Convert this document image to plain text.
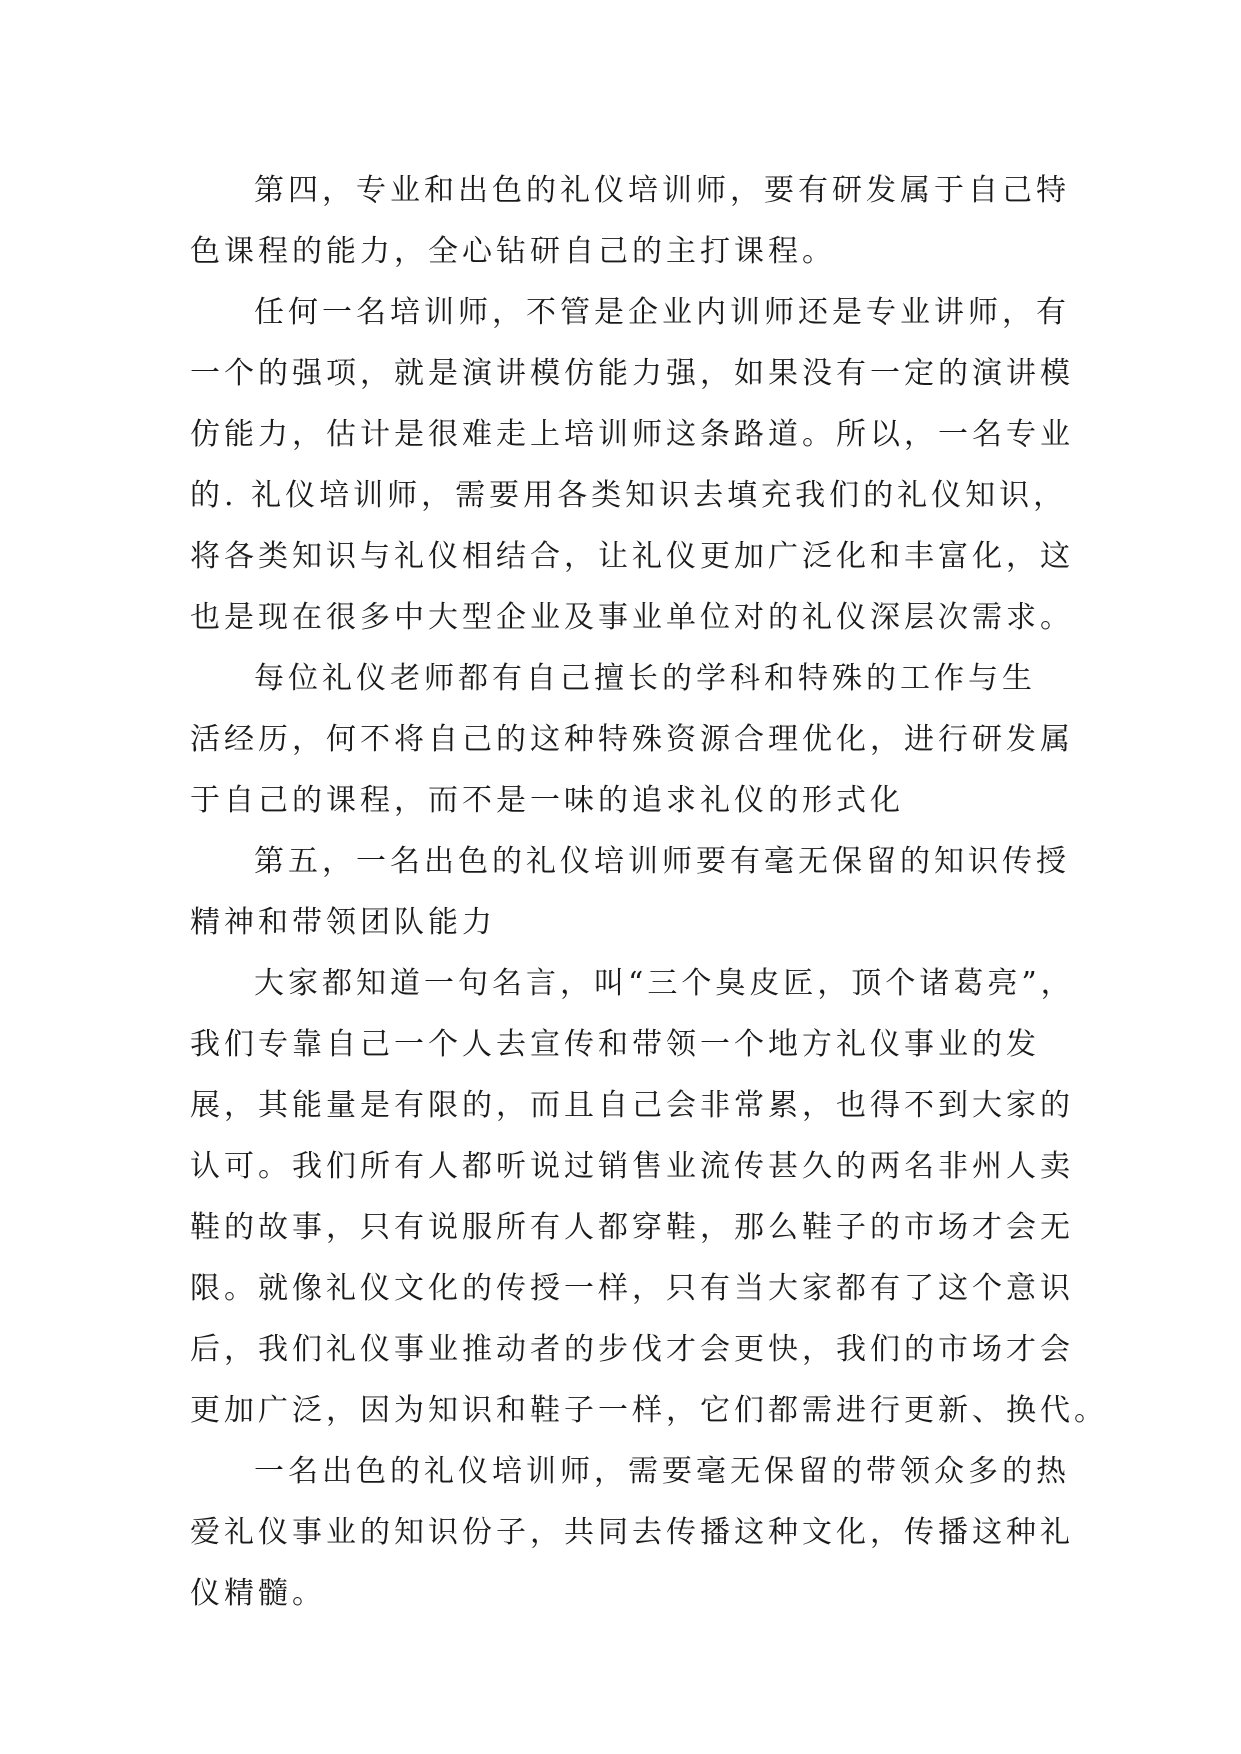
第四，专业和出色的礼仪培训师，要有研发属于自己特
色课程的能力，全心钻研自己的主打课程。

任何一名培训师，不管是企业内训师还是专业讲师，有
一个的强项，就是演讲模仿能力强，如果没有一定的演讲模
仿能力，估计是很难走上培训师这条路道。所以，一名专业
的. 礼仪培训师，需要用各类知识去填充我们的礼仪知识，
将各类知识与礼仪相结合，让礼仪更加广泛化和丰富化，这
也是现在很多中大型企业及事业单位对的礼仪深层次需求。

每位礼仪老师都有自己擅长的学科和特殊的工作与生
活经历，何不将自己的这种特殊资源合理优化，进行研发属
于自己的课程，而不是一味的追求礼仪的形式化

第五，一名出色的礼仪培训师要有毫无保留的知识传授
精神和带领团队能力

大家都知道一句名言，叫“三个臭皮匠，顶个诸葛亮”，
我们专靠自己一个人去宣传和带领一个地方礼仪事业的发
展，其能量是有限的，而且自己会非常累，也得不到大家的
认可。我们所有人都听说过销售业流传甚久的两名非州人卖
鞋的故事，只有说服所有人都穿鞋，那么鞋子的市场才会无
限。就像礼仪文化的传授一样，只有当大家都有了这个意识
后，我们礼仪事业推动者的步伐才会更快，我们的市场才会
更加广泛，因为知识和鞋子一样，它们都需进行更新、换代。

一名出色的礼仪培训师，需要毫无保留的带领众多的热
爱礼仪事业的知识份子，共同去传播这种文化，传播这种礼
仪精髓。
